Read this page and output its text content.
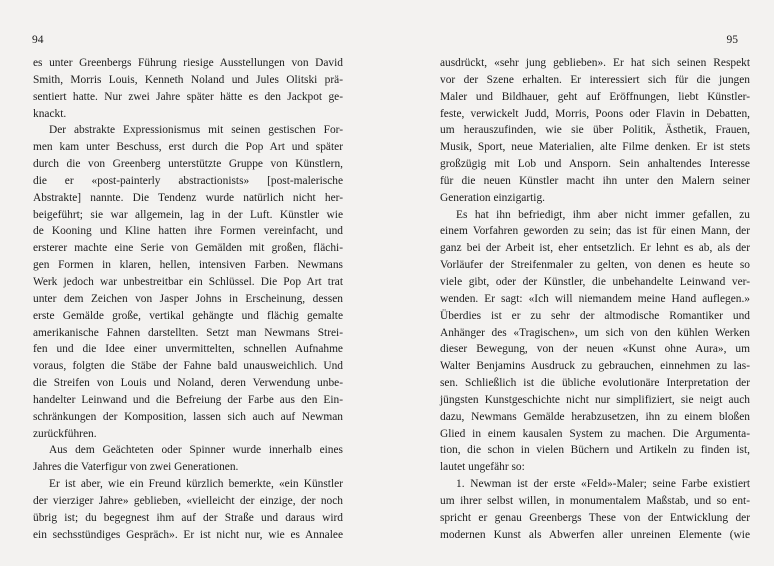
94
es unter Greenbergs Führung riesige Ausstellungen von David
Smith, Morris Louis, Kenneth Noland und Jules Olitski prä-
sentiert hatte. Nur zwei Jahre später hätte es den Jackpot ge-
knackt.
Der abstrakte Expressionismus mit seinen gestischen For-
men kam unter Beschuss, erst durch die Pop Art und später
durch die von Greenberg unterstützte Gruppe von Künstlern,
die er «post-painterly abstractionists» [post-malerische
Abstrakte] nannte. Die Tendenz wurde natürlich nicht her-
beigeführt; sie war allgemein, lag in der Luft. Künstler wie
de Kooning und Kline hatten ihre Formen vereinfacht, und
ersterer machte eine Serie von Gemälden mit großen, flächi-
gen Formen in klaren, hellen, intensiven Farben. Newmans
Werk jedoch war unbestreitbar ein Schlüssel. Die Pop Art trat
unter dem Zeichen von Jasper Johns in Erscheinung, dessen
erste Gemälde große, vertikal gehängte und flächig gemalte
amerikanische Fahnen darstellten. Setzt man Newmans Strei-
fen und die Idee einer unvermittelten, schnellen Aufnahme
voraus, folgten die Stäbe der Fahne bald unausweichlich. Und
die Streifen von Louis und Noland, deren Verwendung unbe-
handelter Leinwand und die Befreiung der Farbe aus den Ein-
schränkungen der Komposition, lassen sich auch auf Newman
zurückführen.
Aus dem Geächteten oder Spinner wurde innerhalb eines
Jahres die Vaterfigur von zwei Generationen.
Er ist aber, wie ein Freund kürzlich bemerkte, «ein Künstler
der vierziger Jahre» geblieben, «vielleicht der einzige, der noch
übrig ist; du begegnest ihm auf der Straße und daraus wird
ein sechsstündiges Gespräch». Er ist nicht nur, wie es Annalee
95
ausdrückt, «sehr jung geblieben». Er hat sich seinen Respekt
vor der Szene erhalten. Er interessiert sich für die jungen
Maler und Bildhauer, geht auf Eröffnungen, liebt Künstler-
feste, verwickelt Judd, Morris, Poons oder Flavin in Debatten,
um herauszufinden, wie sie über Politik, Ästhetik, Frauen,
Musik, Sport, neue Materialien, alte Filme denken. Er ist stets
großzügig mit Lob und Ansporn. Sein anhaltendes Interesse
für die neuen Künstler macht ihn unter den Malern seiner
Generation einzigartig.
Es hat ihn befriedigt, ihm aber nicht immer gefallen, zu
einem Vorfahren geworden zu sein; das ist für einen Mann, der
ganz bei der Arbeit ist, eher entsetzlich. Er lehnt es ab, als der
Vorläufer der Streifenmaler zu gelten, von denen es heute so
viele gibt, oder der Künstler, die unbehandelte Leinwand ver-
wenden. Er sagt: «Ich will niemandem meine Hand auflegen.»
Überdies ist er zu sehr der altmodische Romantiker und
Anhänger des «Tragischen», um sich von den kühlen Werken
dieser Bewegung, von der neuen «Kunst ohne Aura», um
Walter Benjamins Ausdruck zu gebrauchen, einnehmen zu las-
sen. Schließlich ist die übliche evolutionäre Interpretation der
jüngsten Kunstgeschichte nicht nur simplifiziert, sie neigt auch
dazu, Newmans Gemälde herabzusetzen, ihn zu einem bloßen
Glied in einem kausalen System zu machen. Die Argumenta-
tion, die schon in vielen Büchern und Artikeln zu finden ist,
lautet ungefähr so:
1. Newman ist der erste «Feld»-Maler; seine Farbe existiert
um ihrer selbst willen, in monumentalem Maßstab, und so ent-
spricht er genau Greenbergs These von der Entwicklung der
modernen Kunst als Abwerfen aller unreinen Elemente (wie
